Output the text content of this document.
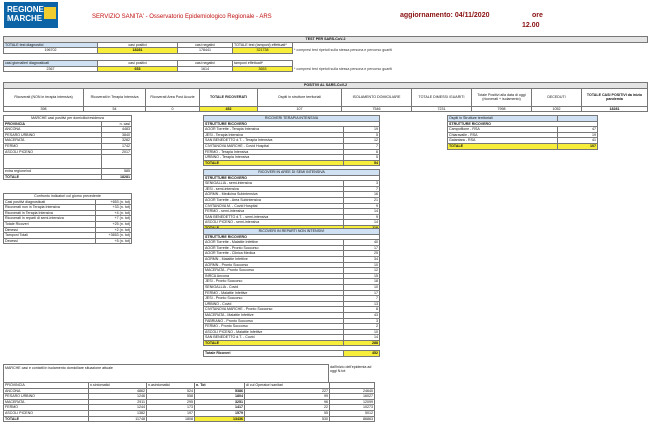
REGIONE
MARCHE	SERVIZIO SANITA' - Osservatorio Epidemiologico Regionale - ARS	aggiornamento: 04/11/2020	ore
12.00
TEST PER SARS-CoV-2				
TOTALE test diagnostici	casi positivi	casi negativi	TOTALE test (tamponi) effettuati*	
196702	18281	178441	321738	* compresi test ripetuti sulla stessa persona e percorso guariti
casi giornalieri diagnosticati	casi positivi	casi negativi	tamponi effettuati*	
2367	653	1614	3653	* compresi test ripetuti sulla stessa persona e percorso guariti
POSITIVI AL SARS-CoV-2									
Ricoverati (NON in terapia intensiva)	Ricoverati in Terapia Intensiva	Ricoverati Area Post Acuzie	TOTALE RICOVERATI	Ospiti in strutture territoriali	ISOLAMENTO DOMICILIARE	TOTALE DIMESSI /GUARITI	Totale Positivi alla data di oggi (ricoverati + isolamento)	DECEDUTI	TOTALE CASI POSITIVI da inizio pandemia
398	54	0	452	107	7546	7231	7998	1052	18281
MARCHE casi positivi per domicilio/residenza	
PROVINCIA	n. casi
ANCONA	4483
PESARO URBINO	3840
MACERATA	3282
FERMO	1742
ASCOLI PICENO	2017

extra regione/nd	585
TOTALE	18281
Confronto indicatori col giorno precedente	
Casi positivi diagnosticati	+653 (n. tot)
Ricoverati non in Terapia Intensiva	+33 (n. tot)
Ricoverati in Terapia Intensiva	+4 (n. tot)
Ricoverati in reparti di semi-intensiva	+7 (n. tot)
Totale Ricoveri	+25 (n. tot)
Dimessi	+2 (n. tot)
Tamponi Totali	+3653 (n. tot)
Decessi	+5 (n. tot)
RICOVERI TERAPIA INTENSIVA	
STRUTTURE RICOVERO	
AOOR Torrette - Terapia Intensiva	19
JESI - Terapia Intensiva	5
SAN BENEDETTO d.T. - Terapia Intensiva	12
CIVITANOVA MARCHE - Covid Hospital	7
FERMO - Terapia Intensiva	6
URBINO - Terapia Intensiva	5
TOTALE	54
RICOVERI IN AREE DI SEMI INTENSIVA	
STRUTTURE RICOVERO	
SENIGALLIA - semi-intensiva	3
JESI - semi-intensiva	7
AORMN - Medicina Subintensiva	16
AOOR Torrette - Area Subintensiva	21
CIVITANOVA M. - Covid Hospital	9
FERMO - semi-intensiva	14
SAN BENEDETTO d.T. - semi-intensiva	9
ASCOLI PICENO - semi-intensiva	14

RICOVERI IN REPARTI NON INTENSIVI	
STRUTTURE RICOVERO	
AOOR Torrette - Malattie Infettive	40
AOOR Torrette - Pronto Soccorso	17
AOOR Torrette - Clinica Medica	25
AORMN - Malattie Infettive	34
AORMN - Pronto Soccorso	10
MACERATA - Pronto Soccorso	12
INRCA Ancona	15
JESI - Pronto Soccorso	18
SENIGALLIA - Covid	10
FERMO - Malattie Infettive	17
JESI - Pronto Soccorso	7
URBINO - Covid	13
CIVITANOVA MARCHE - Pronto Soccorso	8
MACERATA - Malattie Infettive	43
FABRIANO - Pronto Soccorso	3
FERMO - Pronto Soccorso	2
ASCOLI PICENO - Malattie Infettive	10
SAN BENEDETTO d.T. - Covid	14
TOTALE	288
Totale Ricoveri	452
Ospiti in Strutture territoriali	
STRUTTURE RICOVERO	
Campofilone - RSA	47
Chiaravalle - RSA	19
Galantara - RSA	41
TOTALE	107
MARCHE casi e contatti in isolamento domiciliare situazione attuale	dall'inizio dell'epidemia ad oggi N.tot
PROVINCIA	n.sintomatici	n.asintomatici	n. Tot	di cui Operatori sanitari	
ANCONA	4862	524	5386	227	24640
PESARO URBINO	1246	558	1804	99	16027
MACERATA	2911	295	3251	96	12099
FERMO	1244	173	1417	22	10273
ASCOLI PICENO	1382	197	1579	55	5012
TOTALE	11748	1808	13436	530	86863
